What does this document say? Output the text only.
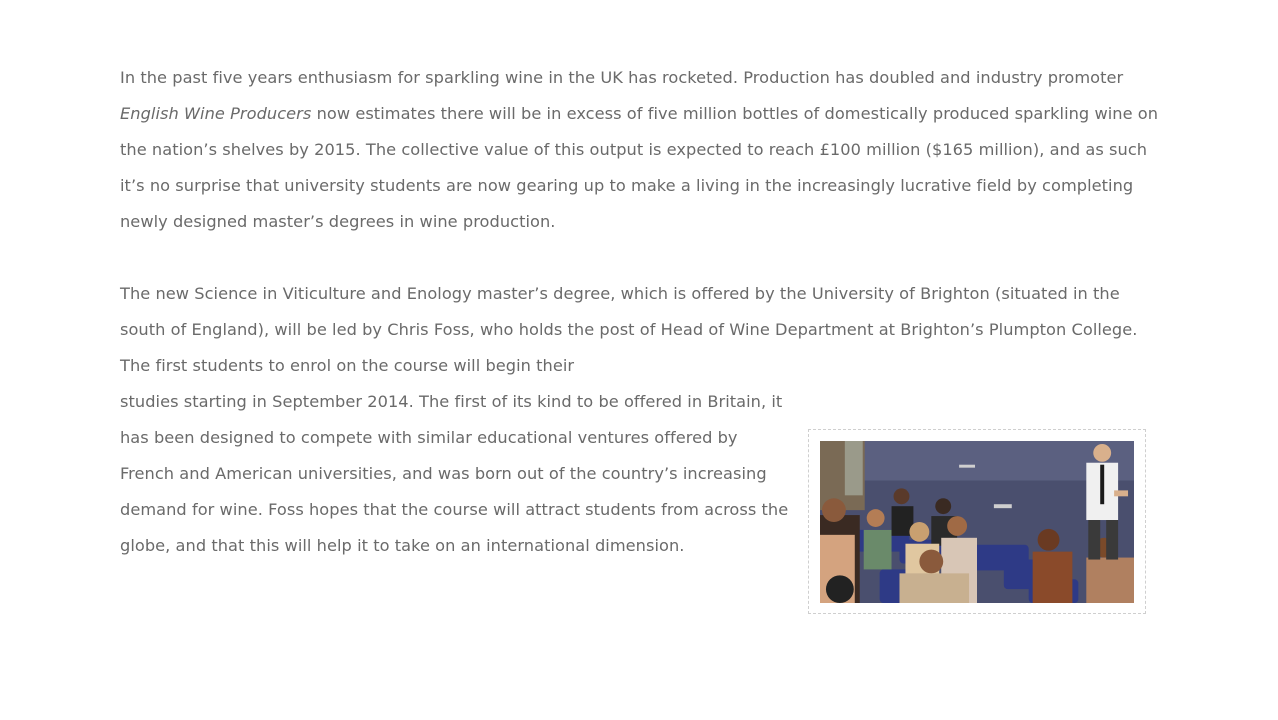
In the past five years enthusiasm for sparkling wine in the UK has rocketed. Production has doubled and industry promoter English Wine Producers now estimates there will be in excess of five million bottles of domestically produced sparkling wine on the nation’s shelves by 2015. The collective value of this output is expected to reach £100 million ($165 million), and as such it’s no surprise that university students are now gearing up to make a living in the increasingly lucrative field by completing newly designed master’s degrees in wine production.

The new Science in Viticulture and Enology master’s degree, which is offered by the University of Brighton (situated in the south of England), will be led by Chris Foss, who holds the post of Head of Wine Department at Brighton’s Plumpton College. The first students to enrol on the course will begin their

studies starting in September 2014. The first of its kind to be offered in Britain, it has been designed to compete with similar educational ventures offered by French and American universities, and was born out of the country’s increasing demand for wine. Foss hopes that the course will attract students from across the globe, and that this will help it to take on an international dimension.
